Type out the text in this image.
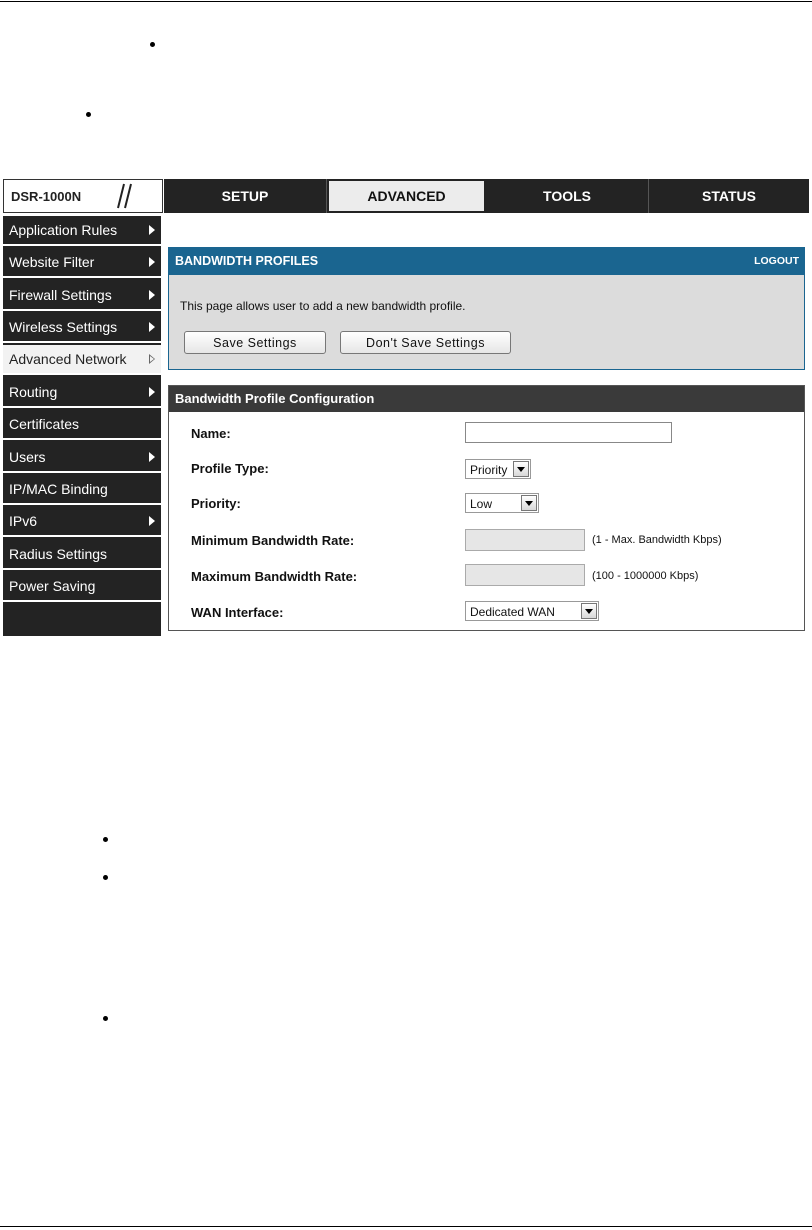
DSR-1000N	SETUP	ADVANCED	TOOLS	STATUS
Application Rules
Website Filter
Firewall Settings
Wireless Settings
Advanced Network
Routing
Certificates
Users
IP/MAC Binding
IPv6
Radius Settings
Power Saving
BANDWIDTH PROFILES	LOGOUT
This page allows user to add a new bandwidth profile.
Save Settings	Don't Save Settings
Bandwidth Profile Configuration
Name:
Profile Type:	Priority
Priority:	Low
Minimum Bandwidth Rate:	(1 - Max. Bandwidth Kbps)
Maximum Bandwidth Rate:	(100 - 1000000 Kbps)
WAN Interface:	Dedicated WAN
